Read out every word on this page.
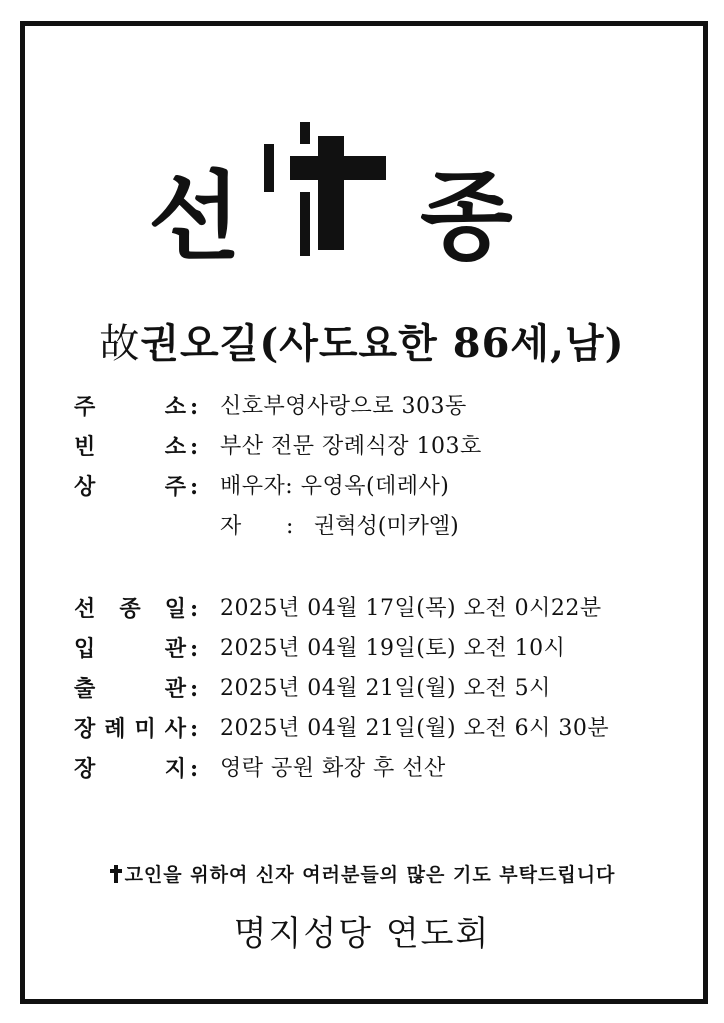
선 종
故권오길(사도요한 86세,남)
주	소 : 신호부영사랑으로 303동
빈	소 : 부산 전문 장례식장 103호
상	주 : 배우자: 우영옥(데레사)
자 : 권혁성(미카엘)
선 종 일 : 2025년 04월 17일(목) 오전 0시22분
입	관 : 2025년 04월 19일(토) 오전 10시
출	관 : 2025년 04월 21일(월) 오전 5시
장 례 미 사 : 2025년 04월 21일(월) 오전 6시 30분
장	지 : 영락 공원 화장 후 선산
고인을 위하여 신자 여러분들의 많은 기도 부탁드립니다
명지성당 연도회
